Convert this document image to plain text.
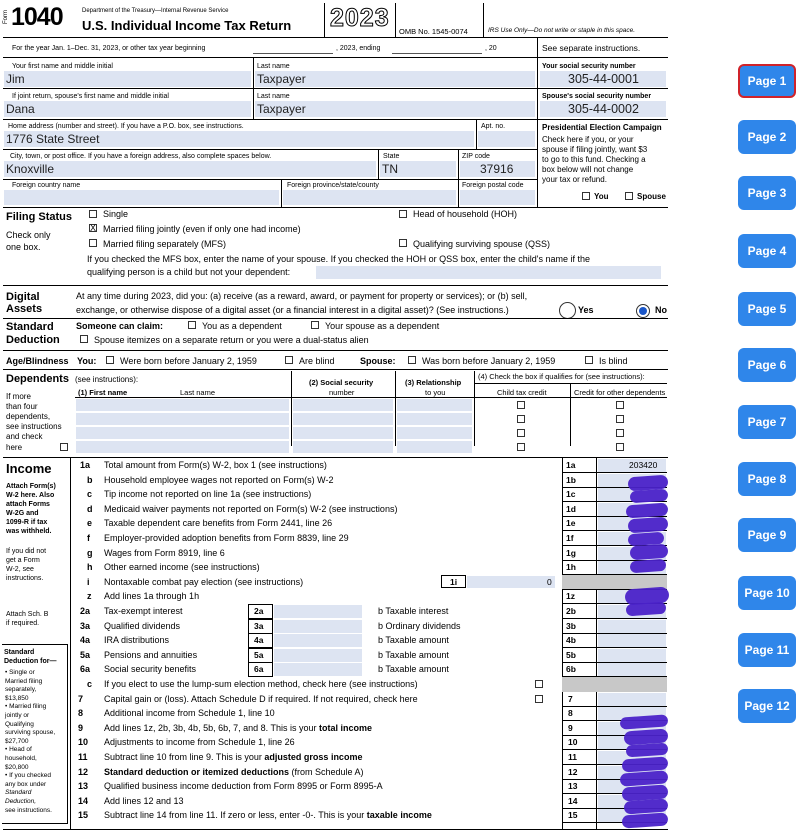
Form 1040	Department of the Treasury—Internal Revenue Service
U.S. Individual Income Tax Return 2023 OMB No. 1545-0074	IRS Use Only—Do not write or staple in this space.
For the year Jan. 1–Dec. 31, 2023, or other tax year beginning	, 2023, ending	, 20	See separate instructions.
Your first name and middle initial
Jim
Last name
Taxpayer
Your social security number
305-44-0001
If joint return, spouse's first name and middle initial
Dana
Last name
Taxpayer
Spouse's social security number
305-44-0002
Home address (number and street). If you have a P.O. box, see instructions.
1776 State Street
Apt. no.
City, town, or post office. If you have a foreign address, also complete spaces below.
Knoxville
State
TN
ZIP code
37916
Foreign country name	Foreign province/state/county	Foreign postal code
Presidential Election Campaign
Check here if you, or your
spouse if filing jointly, want $3
to go to this fund. Checking a
box below will not change
your tax or refund.
You	Spouse
Filing Status
Check only
one box.
Single
X Married filing jointly (even if only one had income)
Married filing separately (MFS)
Head of household (HOH)
Qualifying surviving spouse (QSS)
If you checked the MFS box, enter the name of your spouse. If you checked the HOH or QSS box, enter the child's name if the
qualifying person is a child but not your dependent:
Digital
Assets
At any time during 2023, did you: (a) receive (as a reward, award, or payment for property or services); or (b) sell,
exchange, or otherwise dispose of a digital asset (or a financial interest in a digital asset)? (See instructions.)	Yes	No
Standard
Deduction
Someone can claim:	You as a dependent	Your spouse as a dependent
Spouse itemizes on a separate return or you were a dual-status alien
Age/Blindness You:	Were born before January 2, 1959	Are blind	Spouse:	Was born before January 2, 1959	Is blind
Dependents (see instructions):
(1) First name	Last name
(2) Social security
number
(3) Relationship
to you
(4) Check the box if qualifies for (see instructions):
Child tax credit	Credit for other dependents
If more
than four
dependents,
see instructions
and check
here
Income
Attach Form(s)
W-2 here. Also
attach Forms
W-2G and
1099-R if tax
was withheld.
If you did not
get a Form
W-2, see
instructions.
Attach Sch. B
if required.
Standard
Deduction for—
• Single or
Married filing
separately,
$13,850
• Married filing
jointly or
Qualifying
surviving spouse,
$27,700
• Head of
household,
$20,800
• If you checked
any box under
Standard
Deduction,
see instructions.
1a Total amount from Form(s) W-2, box 1 (see instructions)	1a	203420
b Household employee wages not reported on Form(s) W-2	1b
c Tip income not reported on line 1a (see instructions)	1c
d Medicaid waiver payments not reported on Form(s) W-2 (see instructions)	1d
e Taxable dependent care benefits from Form 2441, line 26	1e
f Employer-provided adoption benefits from Form 8839, line 29	1f
g Wages from Form 8919, line 6	1g
h Other earned income (see instructions)	1h
i Nontaxable combat pay election (see instructions)	1i	0
z Add lines 1a through 1h	1z
2a Tax-exempt interest	2a	b Taxable interest	2b
3a Qualified dividends	3a	b Ordinary dividends	3b
4a IRA distributions	4a	b Taxable amount	4b
5a Pensions and annuities	5a	b Taxable amount	5b
6a Social security benefits	6a	b Taxable amount	6b
c If you elect to use the lump-sum election method, check here (see instructions)
7 Capital gain or (loss). Attach Schedule D if required. If not required, check here	7
8 Additional income from Schedule 1, line 10	8
9 Add lines 1z, 2b, 3b, 4b, 5b, 6b, 7, and 8. This is your total income	9
10 Adjustments to income from Schedule 1, line 26	10
11 Subtract line 10 from line 9. This is your adjusted gross income	11
12 Standard deduction or itemized deductions (from Schedule A)	12
13 Qualified business income deduction from Form 8995 or Form 8995-A	13
14 Add lines 12 and 13	14
15 Subtract line 14 from line 11. If zero or less, enter -0-. This is your taxable income	15
Page 1
Page 2
Page 3
Page 4
Page 5
Page 6
Page 7
Page 8
Page 9
Page 10
Page 11
Page 12
